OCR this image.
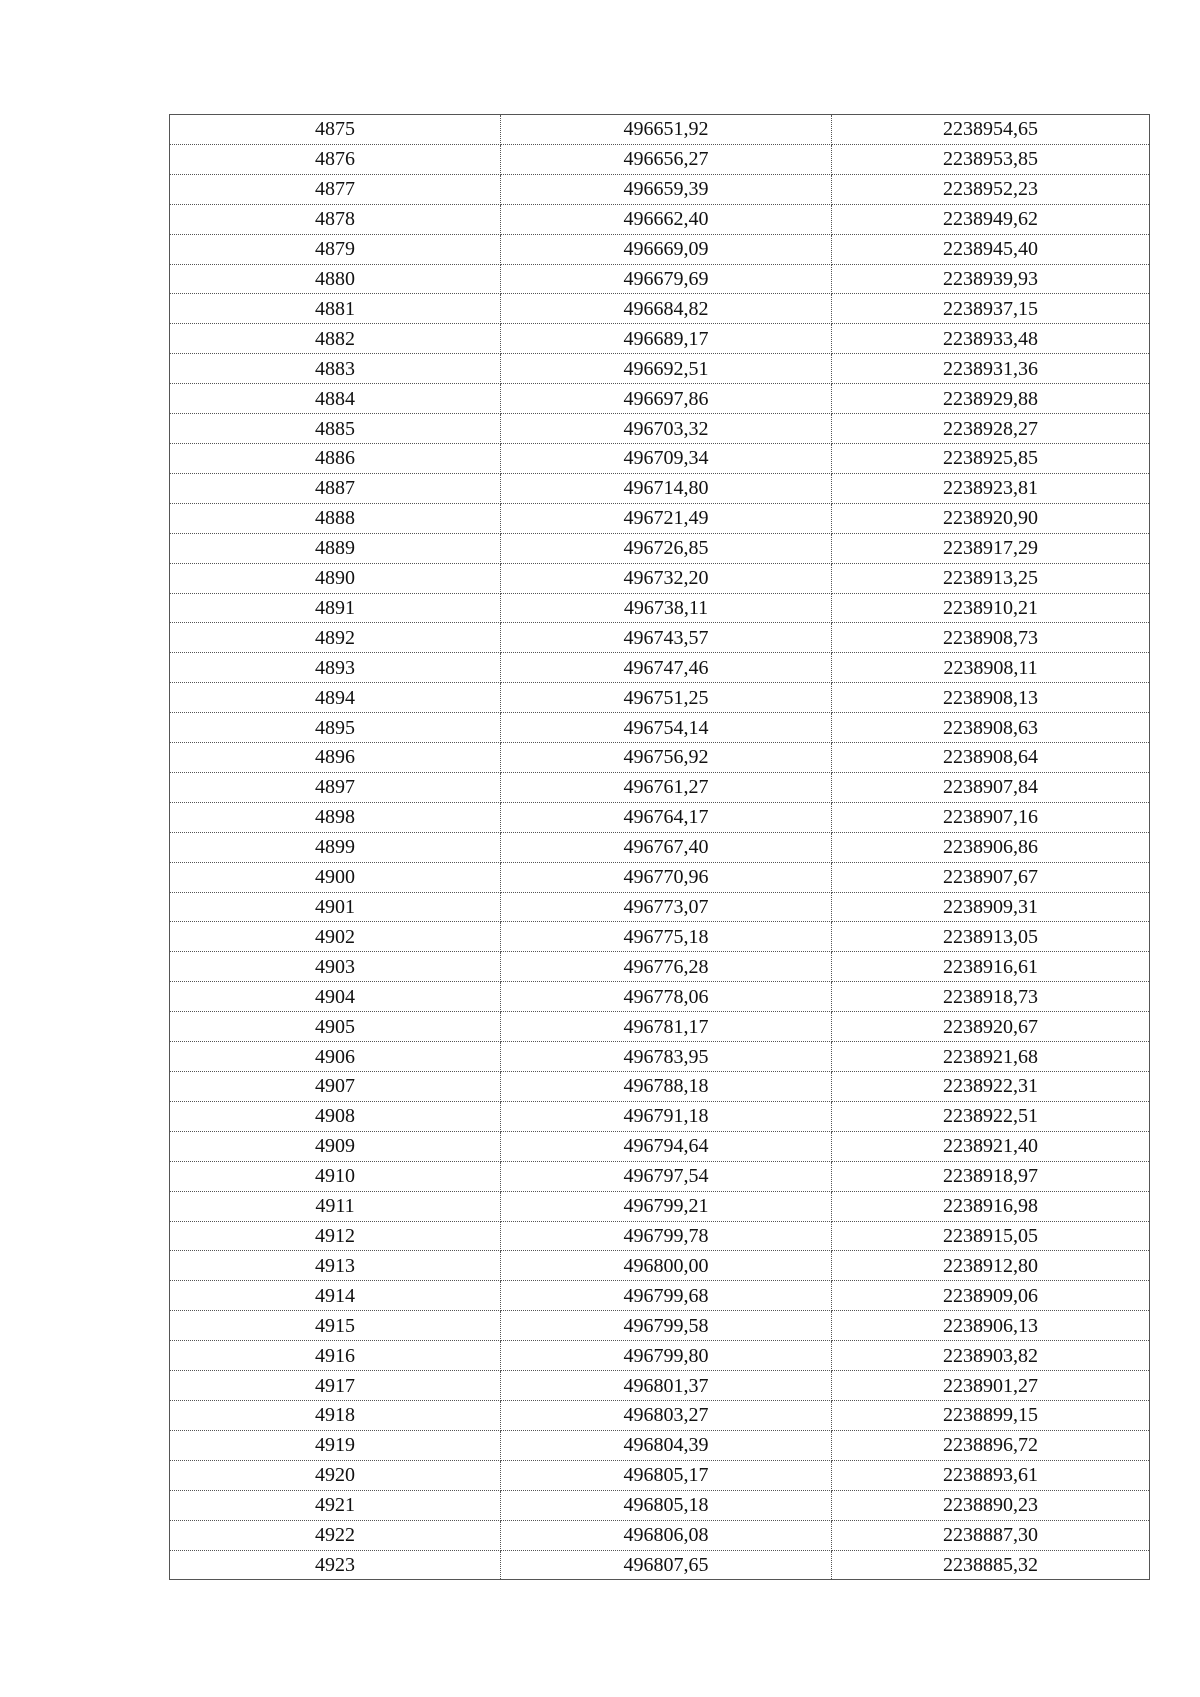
4875	496651,92	2238954,65
4876	496656,27	2238953,85
4877	496659,39	2238952,23
4878	496662,40	2238949,62
4879	496669,09	2238945,40
4880	496679,69	2238939,93
4881	496684,82	2238937,15
4882	496689,17	2238933,48
4883	496692,51	2238931,36
4884	496697,86	2238929,88
4885	496703,32	2238928,27
4886	496709,34	2238925,85
4887	496714,80	2238923,81
4888	496721,49	2238920,90
4889	496726,85	2238917,29
4890	496732,20	2238913,25
4891	496738,11	2238910,21
4892	496743,57	2238908,73
4893	496747,46	2238908,11
4894	496751,25	2238908,13
4895	496754,14	2238908,63
4896	496756,92	2238908,64
4897	496761,27	2238907,84
4898	496764,17	2238907,16
4899	496767,40	2238906,86
4900	496770,96	2238907,67
4901	496773,07	2238909,31
4902	496775,18	2238913,05
4903	496776,28	2238916,61
4904	496778,06	2238918,73
4905	496781,17	2238920,67
4906	496783,95	2238921,68
4907	496788,18	2238922,31
4908	496791,18	2238922,51
4909	496794,64	2238921,40
4910	496797,54	2238918,97
4911	496799,21	2238916,98
4912	496799,78	2238915,05
4913	496800,00	2238912,80
4914	496799,68	2238909,06
4915	496799,58	2238906,13
4916	496799,80	2238903,82
4917	496801,37	2238901,27
4918	496803,27	2238899,15
4919	496804,39	2238896,72
4920	496805,17	2238893,61
4921	496805,18	2238890,23
4922	496806,08	2238887,30
4923	496807,65	2238885,32
